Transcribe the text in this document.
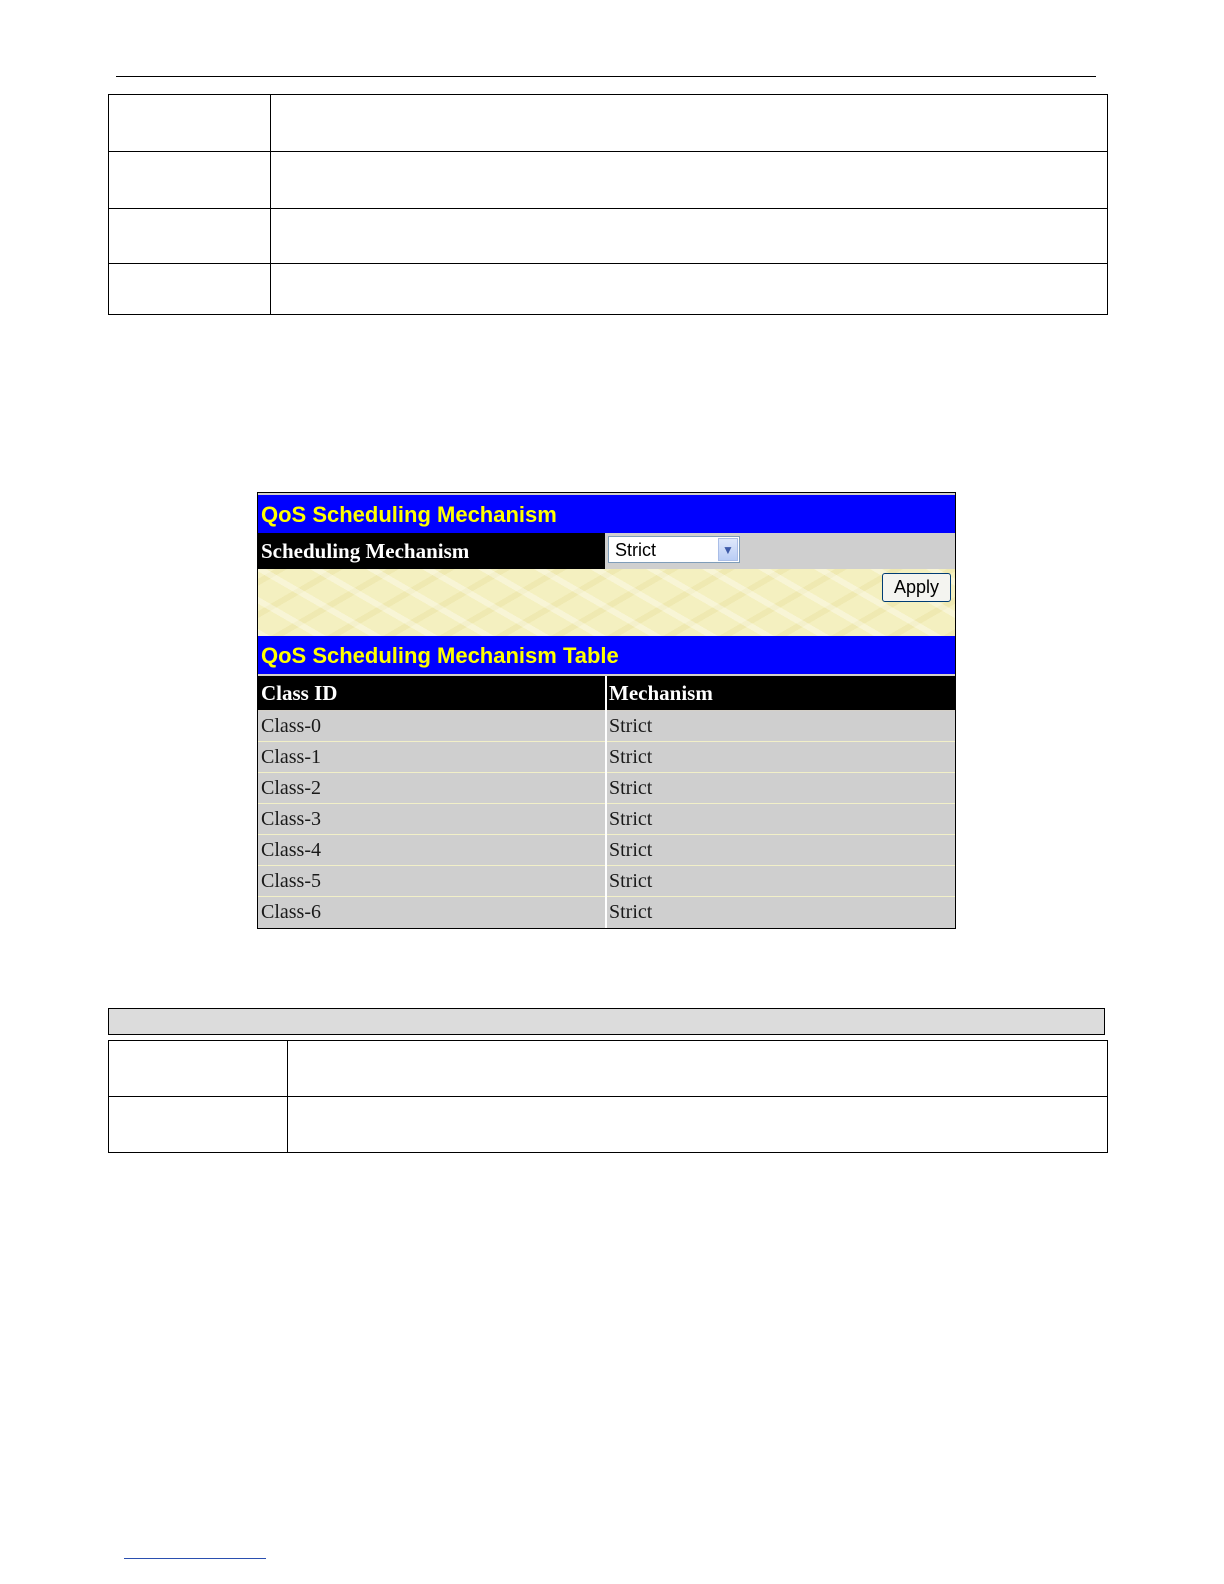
QoS Scheduling Mechanism
Scheduling Mechanism	Strict	▼
Apply
QoS Scheduling Mechanism Table
Class ID	Mechanism
Class-0	Strict
Class-1	Strict
Class-2	Strict
Class-3	Strict
Class-4	Strict
Class-5	Strict
Class-6	Strict
